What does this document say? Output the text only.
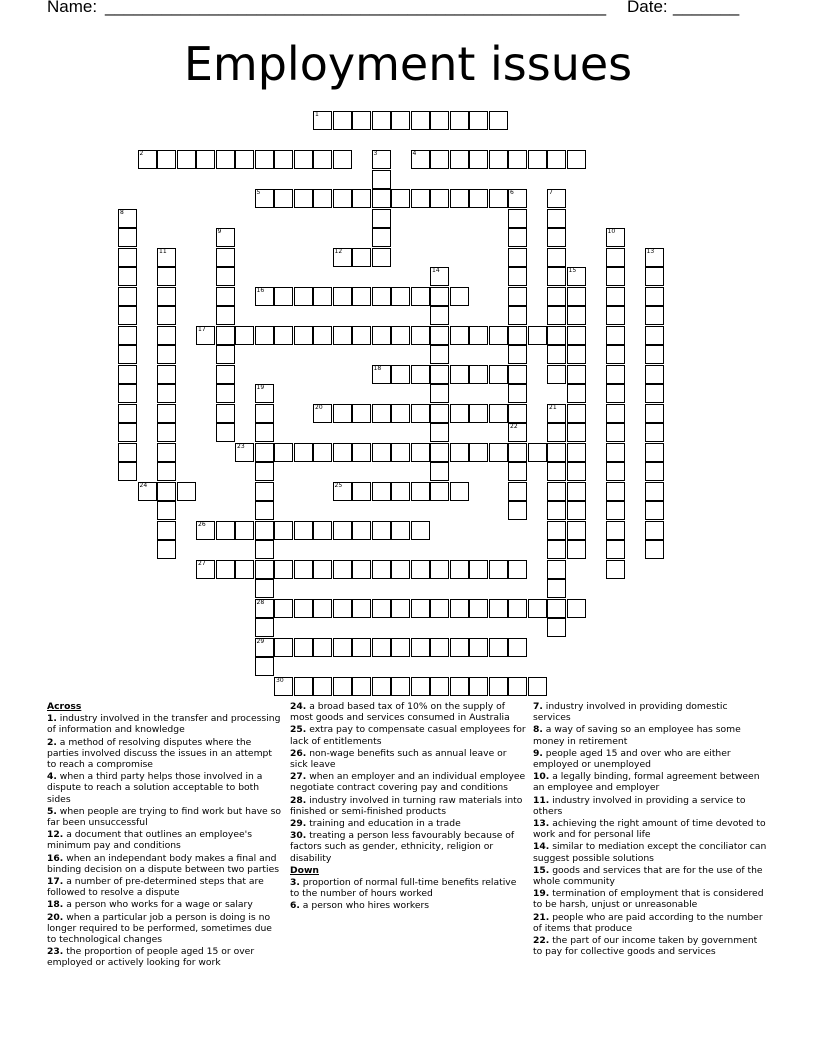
Name: _____________________________________________________ Date: _______
Employment issues
1
2	4
5
12
16
17
18
20
23
24	25
26
27
28
29
30
3
6
22
7
8
9	10
11	13
14	15
19
21
Across
1. industry involved in the transfer and processing of information and knowledge
2. a method of resolving disputes where the parties involved discuss the issues in an attempt to reach a compromise
4. when a third party helps those involved in a dispute to reach a solution acceptable to both sides
5. when people are trying to find work but have so far been unsuccessful
12. a document that outlines an employee's minimum pay and conditions
16. when an independant body makes a final and binding decision on a dispute between two parties
17. a number of pre-determined steps that are followed to resolve a dispute
18. a person who works for a wage or salary
20. when a particular job a person is doing is no longer required to be performed, sometimes due to technological changes
23. the proportion of people aged 15 or over employed or actively looking for work
24. a broad based tax of 10% on the supply of most goods and services consumed in Australia
25. extra pay to compensate casual employees for lack of entitlements
26. non-wage benefits such as annual leave or sick leave
27. when an employer and an individual employee negotiate contract covering pay and conditions
28. industry involved in turning raw materials into finished or semi-finished products
29. training and education in a trade
30. treating a person less favourably because of factors such as gender, ethnicity, religion or disability
Down
3. proportion of normal full-time benefits relative to the number of hours worked
6. a person who hires workers
7. industry involved in providing domestic services
8. a way of saving so an employee has some money in retirement
9. people aged 15 and over who are either employed or unemployed
10. a legally binding, formal agreement between an employee and employer
11. industry involved in providing a service to others
13. achieving the right amount of time devoted to work and for personal life
14. similar to mediation except the conciliator can suggest possible solutions
15. goods and services that are for the use of the whole community
19. termination of employment that is considered to be harsh, unjust or unreasonable
21. people who are paid according to the number of items that produce
22. the part of our income taken by government to pay for collective goods and services
